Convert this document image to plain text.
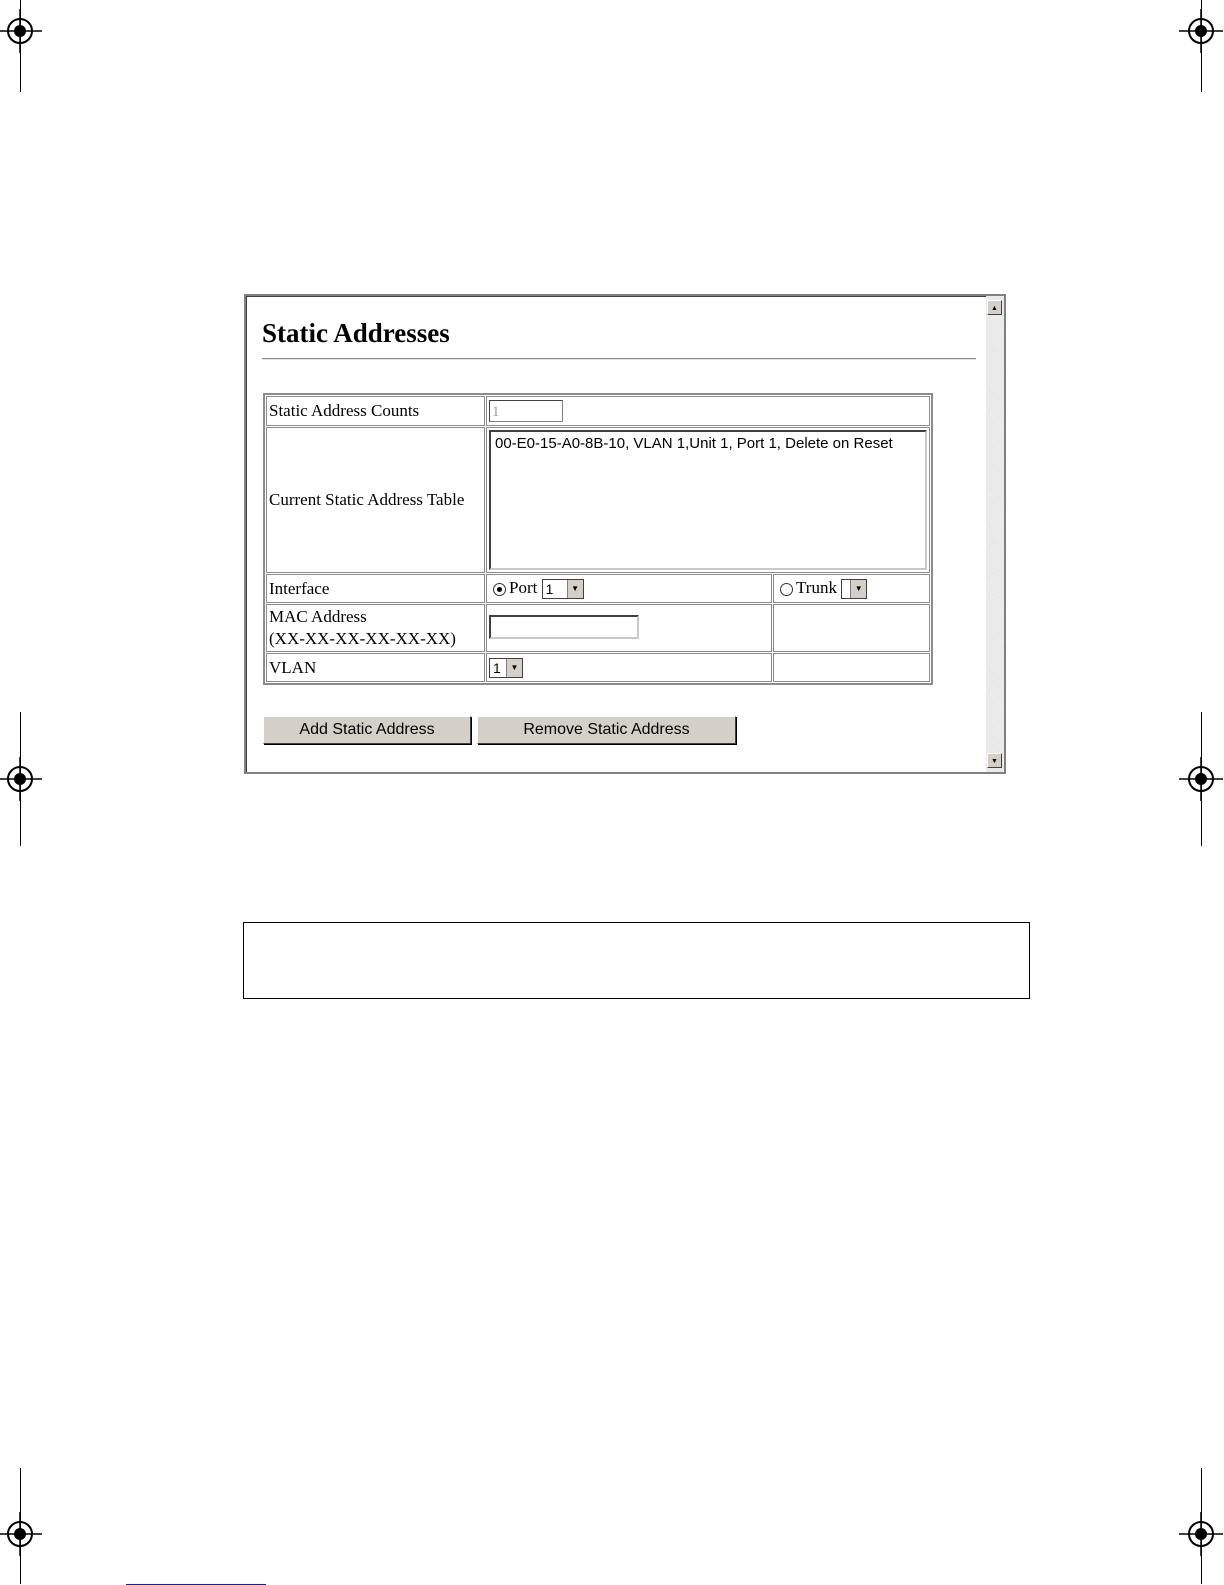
Static Addresses
Static Address Counts	1	

Current Static Address Table	00-E0-15-A0-8B-10, VLAN 1,Unit 1, Port 1, Delete on Reset	

Interface	Port 1 ▼	Trunk ▼

MAC Address
(XX-XX-XX-XX-XX-XX)		

VLAN	1 ▼	

Add Static Address	Remove Static Address
▲
▼
